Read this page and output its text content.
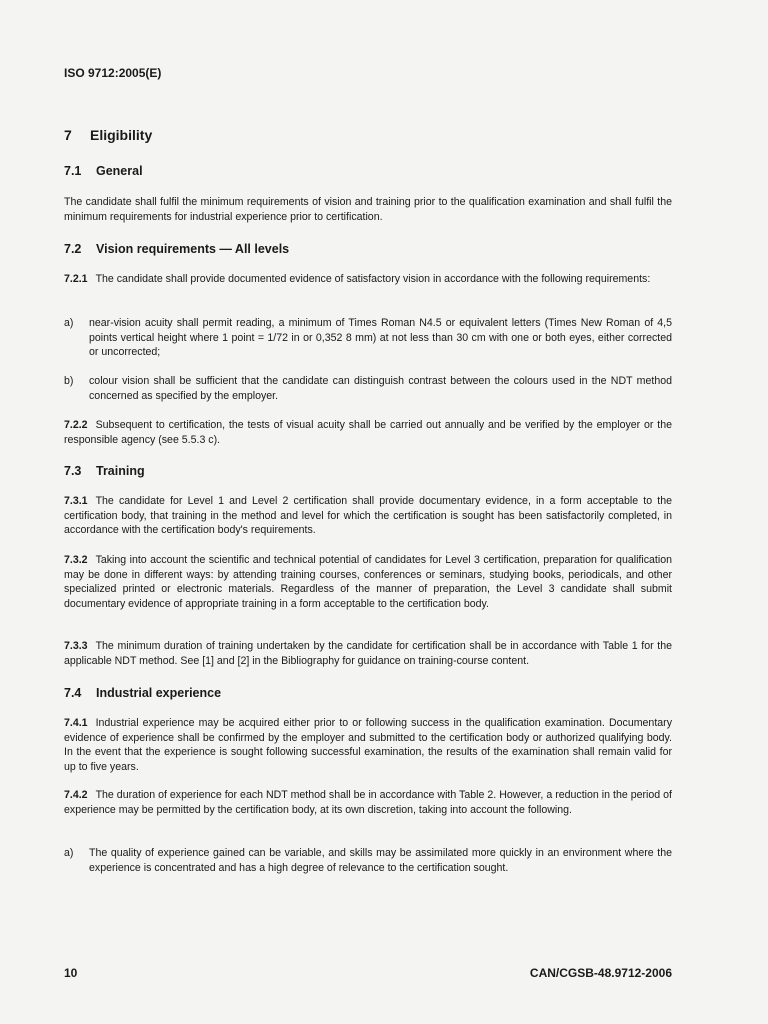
ISO 9712:2005(E)
7 Eligibility
7.1 General
The candidate shall fulfil the minimum requirements of vision and training prior to the qualification examination and shall fulfil the minimum requirements for industrial experience prior to certification.
7.2 Vision requirements — All levels
7.2.1 The candidate shall provide documented evidence of satisfactory vision in accordance with the following requirements:
a) near-vision acuity shall permit reading, a minimum of Times Roman N4.5 or equivalent letters (Times New Roman of 4,5 points vertical height where 1 point = 1/72 in or 0,352 8 mm) at not less than 30 cm with one or both eyes, either corrected or uncorrected;
b) colour vision shall be sufficient that the candidate can distinguish contrast between the colours used in the NDT method concerned as specified by the employer.
7.2.2 Subsequent to certification, the tests of visual acuity shall be carried out annually and be verified by the employer or the responsible agency (see 5.5.3 c).
7.3 Training
7.3.1 The candidate for Level 1 and Level 2 certification shall provide documentary evidence, in a form acceptable to the certification body, that training in the method and level for which the certification is sought has been satisfactorily completed, in accordance with the certification body's requirements.
7.3.2 Taking into account the scientific and technical potential of candidates for Level 3 certification, preparation for qualification may be done in different ways: by attending training courses, conferences or seminars, studying books, periodicals, and other specialized printed or electronic materials. Regardless of the manner of preparation, the Level 3 candidate shall submit documentary evidence of appropriate training in a form acceptable to the certification body.
7.3.3 The minimum duration of training undertaken by the candidate for certification shall be in accordance with Table 1 for the applicable NDT method. See [1] and [2] in the Bibliography for guidance on training-course content.
7.4 Industrial experience
7.4.1 Industrial experience may be acquired either prior to or following success in the qualification examination. Documentary evidence of experience shall be confirmed by the employer and submitted to the certification body or authorized qualifying body. In the event that the experience is sought following successful examination, the results of the examination shall remain valid for up to five years.
7.4.2 The duration of experience for each NDT method shall be in accordance with Table 2. However, a reduction in the period of experience may be permitted by the certification body, at its own discretion, taking into account the following.
a) The quality of experience gained can be variable, and skills may be assimilated more quickly in an environment where the experience is concentrated and has a high degree of relevance to the certification sought.
10	CAN/CGSB-48.9712-2006
